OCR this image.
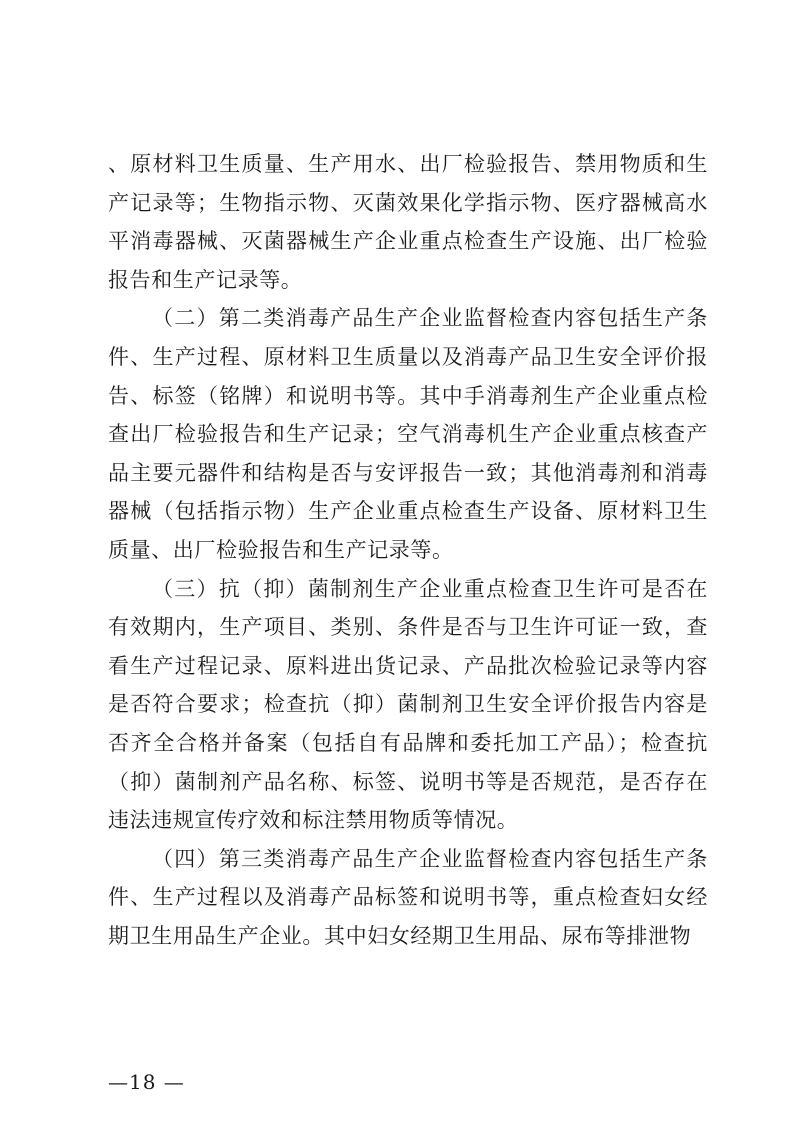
、原材料卫生质量、生产用水、出厂检验报告、禁用物质和生产记录等；生物指示物、灭菌效果化学指示物、医疗器械高水平消毒器械、灭菌器械生产企业重点检查生产设施、出厂检验报告和生产记录等。

（二）第二类消毒产品生产企业监督检查内容包括生产条件、生产过程、原材料卫生质量以及消毒产品卫生安全评价报告、标签（铭牌）和说明书等。其中手消毒剂生产企业重点检查出厂检验报告和生产记录；空气消毒机生产企业重点核查产品主要元器件和结构是否与安评报告一致；其他消毒剂和消毒器械（包括指示物）生产企业重点检查生产设备、原材料卫生质量、出厂检验报告和生产记录等。

（三）抗（抑）菌制剂生产企业重点检查卫生许可是否在有效期内，生产项目、类别、条件是否与卫生许可证一致，查看生产过程记录、原料进出货记录、产品批次检验记录等内容是否符合要求；检查抗（抑）菌制剂卫生安全评价报告内容是否齐全合格并备案（包括自有品牌和委托加工产品）；检查抗（抑）菌制剂产品名称、标签、说明书等是否规范，是否存在违法违规宣传疗效和标注禁用物质等情况。

（四）第三类消毒产品生产企业监督检查内容包括生产条件、生产过程以及消毒产品标签和说明书等，重点检查妇女经期卫生用品生产企业。其中妇女经期卫生用品、尿布等排泄物

—18 —
